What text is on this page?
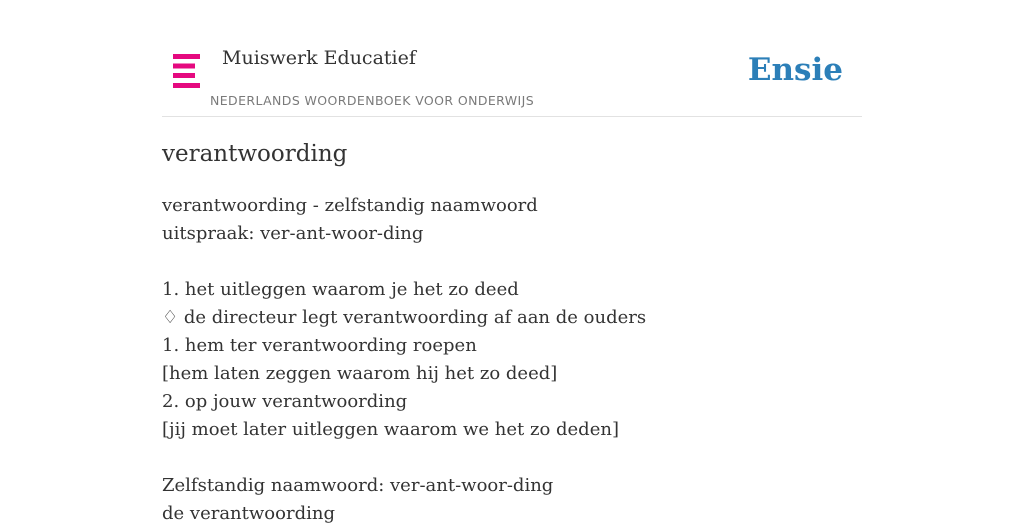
Muiswerk Educatief
NEDERLANDS WOORDENBOEK VOOR ONDERWIJS
Ensie
verantwoording
verantwoording - zelfstandig naamwoord
uitspraak: ver-ant-woor-ding
1. het uitleggen waarom je het zo deed
♢ de directeur legt verantwoording af aan de ouders
1. hem ter verantwoording roepen
[hem laten zeggen waarom hij het zo deed]
2. op jouw verantwoording
[jij moet later uitleggen waarom we het zo deden]
Zelfstandig naamwoord: ver-ant-woor-ding
de verantwoording
